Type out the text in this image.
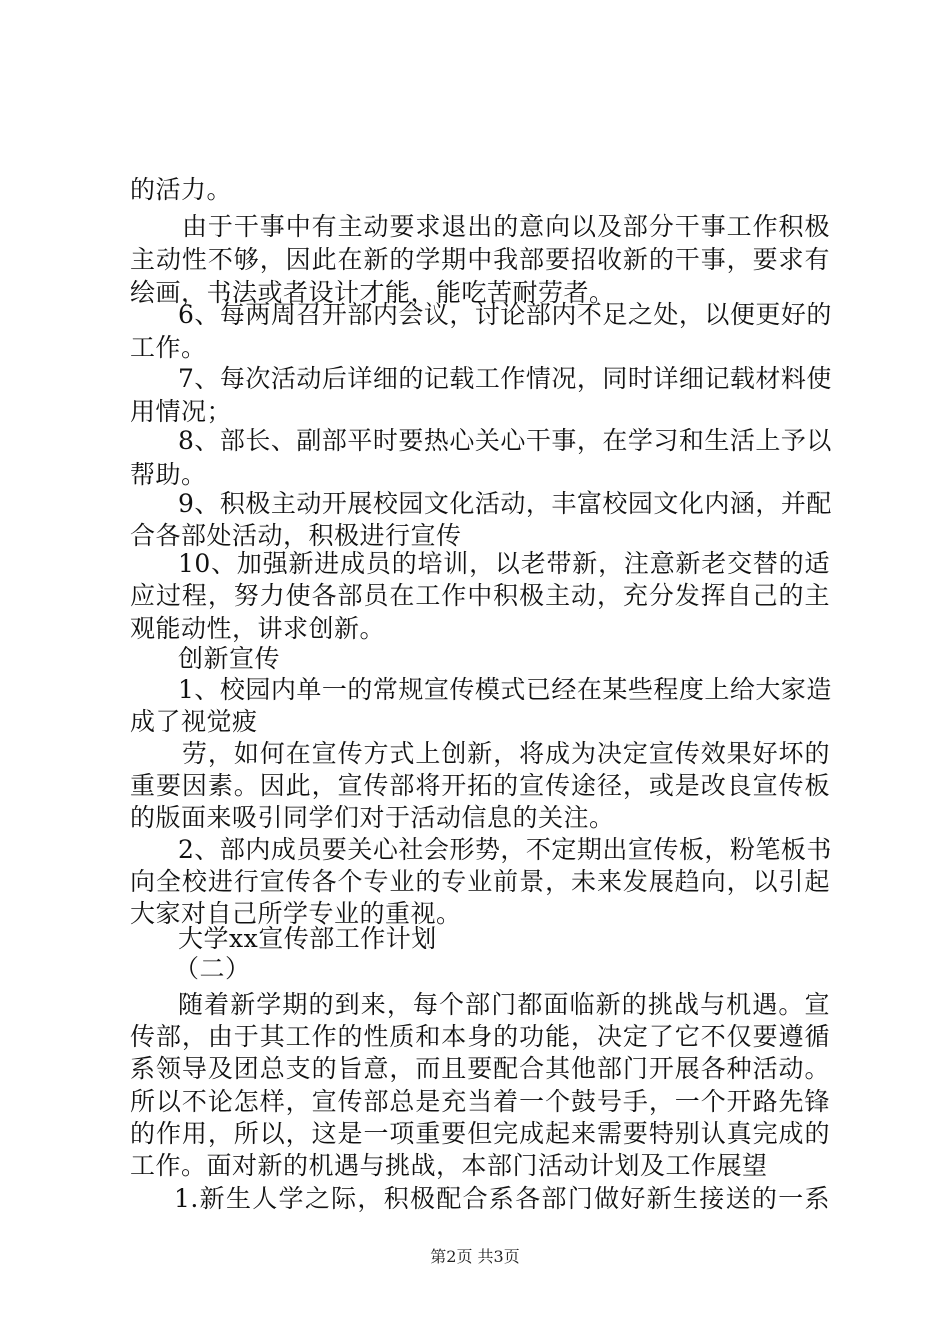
的活力。
由于干事中有主动要求退出的意向以及部分干事工作积极
主动性不够，因此在新的学期中我部要招收新的干事，要求有
绘画，书法或者设计才能，能吃苦耐劳者。
6、每两周召开部内会议，讨论部内不足之处，以便更好的
工作。
7、每次活动后详细的记载工作情况，同时详细记载材料使
用情况；
8、部长、副部平时要热心关心干事，在学习和生活上予以
帮助。
9、积极主动开展校园文化活动，丰富校园文化内涵，并配
合各部处活动，积极进行宣传
10、加强新进成员的培训，以老带新，注意新老交替的适
应过程，努力使各部员在工作中积极主动，充分发挥自己的主
观能动性，讲求创新。
创新宣传
1、校园内单一的常规宣传模式已经在某些程度上给大家造
成了视觉疲
劳，如何在宣传方式上创新，将成为决定宣传效果好坏的
重要因素。因此，宣传部将开拓的宣传途径，或是改良宣传板
的版面来吸引同学们对于活动信息的关注。
2、部内成员要关心社会形势，不定期出宣传板，粉笔板书
向全校进行宣传各个专业的专业前景，未来发展趋向，以引起
大家对自己所学专业的重视。
大学xx宣传部工作计划
（二）
随着新学期的到来，每个部门都面临新的挑战与机遇。宣
传部，由于其工作的性质和本身的功能，决定了它不仅要遵循
系领导及团总支的旨意，而且要配合其他部门开展各种活动。
所以不论怎样，宣传部总是充当着一个鼓号手，一个开路先锋
的作用，所以，这是一项重要但完成起来需要特别认真完成的
工作。面对新的机遇与挑战，本部门活动计划及工作展望
1.新生人学之际，积极配合系各部门做好新生接送的一系
第2页 共3页
